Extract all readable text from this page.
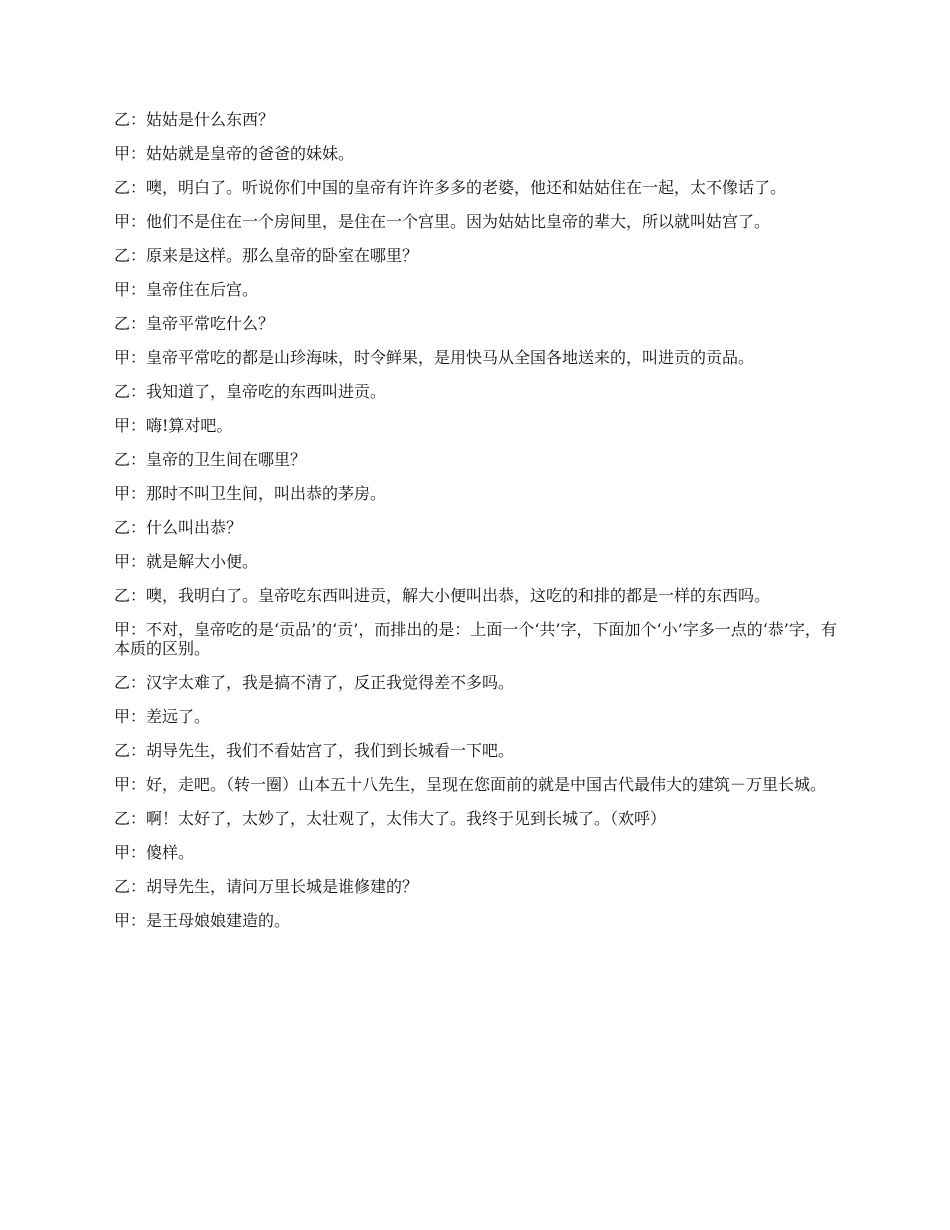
乙：姑姑是什么东西？

甲：姑姑就是皇帝的爸爸的妹妹。

乙：噢，明白了。听说你们中国的皇帝有许许多多的老婆，他还和姑姑住在一起，太不像话了。

甲：他们不是住在一个房间里，是住在一个宫里。因为姑姑比皇帝的辈大，所以就叫姑宫了。

乙：原来是这样。那么皇帝的卧室在哪里？

甲：皇帝住在后宫。

乙：皇帝平常吃什么？

甲：皇帝平常吃的都是山珍海味，时令鲜果，是用快马从全国各地送来的，叫进贡的贡品。

乙：我知道了，皇帝吃的东西叫进贡。

甲：嗨!算对吧。

乙：皇帝的卫生间在哪里？

甲：那时不叫卫生间，叫出恭的茅房。

乙：什么叫出恭？

甲：就是解大小便。

乙：噢，我明白了。皇帝吃东西叫进贡，解大小便叫出恭，这吃的和排的都是一样的东西吗。

甲：不对，皇帝吃的是‘贡品’的‘贡’，而排出的是：上面一个‘共’字，下面加个‘小’字多一点的‘恭’字，有本质的区别。

乙：汉字太难了，我是搞不清了，反正我觉得差不多吗。

甲：差远了。

乙：胡导先生，我们不看姑宫了，我们到长城看一下吧。

甲：好，走吧。（转一圈）山本五十八先生，呈现在您面前的就是中国古代最伟大的建筑－万里长城。

乙：啊！太好了，太妙了，太壮观了，太伟大了。我终于见到长城了。（欢呼）

甲：傻样。

乙：胡导先生，请问万里长城是谁修建的？

甲：是王母娘娘建造的。
